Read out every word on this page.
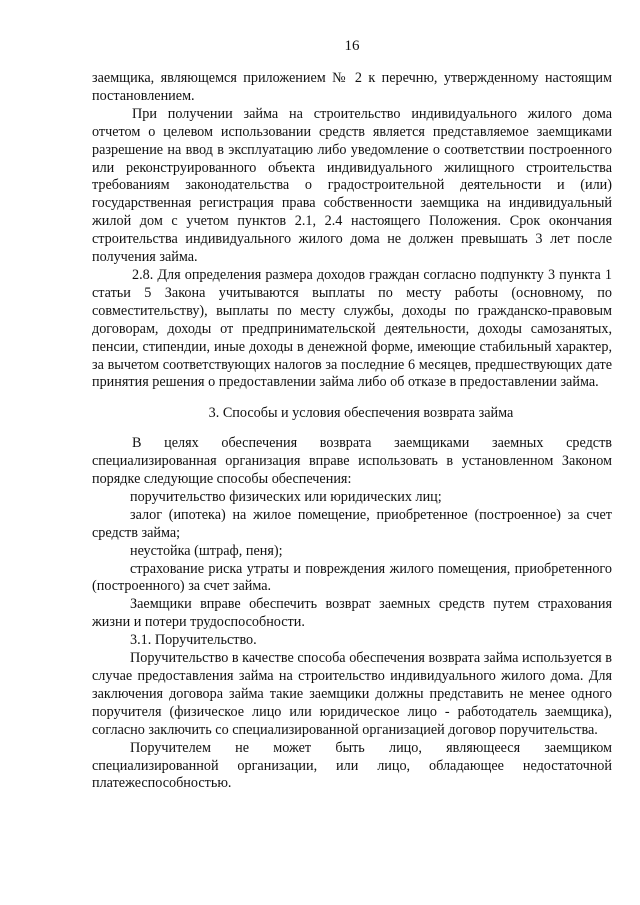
16

заемщика, являющемся приложением № 2 к перечню, утвержденному настоящим постановлением.

При получении займа на строительство индивидуального жилого дома отчетом о целевом использовании средств является представляемое заемщиками разрешение на ввод в эксплуатацию либо уведомление о соответствии построенного или реконструированного объекта индивидуального жилищного строительства требованиям законодательства о градостроительной деятельности и (или) государственная регистрация права собственности заемщика на индивидуальный жилой дом с учетом пунктов 2.1, 2.4 настоящего Положения. Срок окончания строительства индивидуального жилого дома не должен превышать 3 лет после получения займа.

2.8. Для определения размера доходов граждан согласно подпункту 3 пункта 1 статьи 5 Закона учитываются выплаты по месту работы (основному, по совместительству), выплаты по месту службы, доходы по гражданско-правовым договорам, доходы от предпринимательской деятельности, доходы самозанятых, пенсии, стипендии, иные доходы в денежной форме, имеющие стабильный характер, за вычетом соответствующих налогов за последние 6 месяцев, предшествующих дате принятия решения о предоставлении займа либо об отказе в предоставлении займа.

3. Способы и условия обеспечения возврата займа

В целях обеспечения возврата заемщиками заемных средств специализированная организация вправе использовать в установленном Законом порядке следующие способы обеспечения:

поручительство физических или юридических лиц;

залог (ипотека) на жилое помещение, приобретенное (построенное) за счет средств займа;

неустойка (штраф, пеня);

страхование риска утраты и повреждения жилого помещения, приобретенного (построенного) за счет займа.

Заемщики вправе обеспечить возврат заемных средств путем страхования жизни и потери трудоспособности.

3.1. Поручительство.

Поручительство в качестве способа обеспечения возврата займа используется в случае предоставления займа на строительство индивидуального жилого дома. Для заключения договора займа такие заемщики должны представить не менее одного поручителя (физическое лицо или юридическое лицо - работодатель заемщика), согласно заключить со специализированной организацией договор поручительства.

Поручителем не может быть лицо, являющееся заемщиком специализированной организации, или лицо, обладающее недостаточной платежеспособностью.
